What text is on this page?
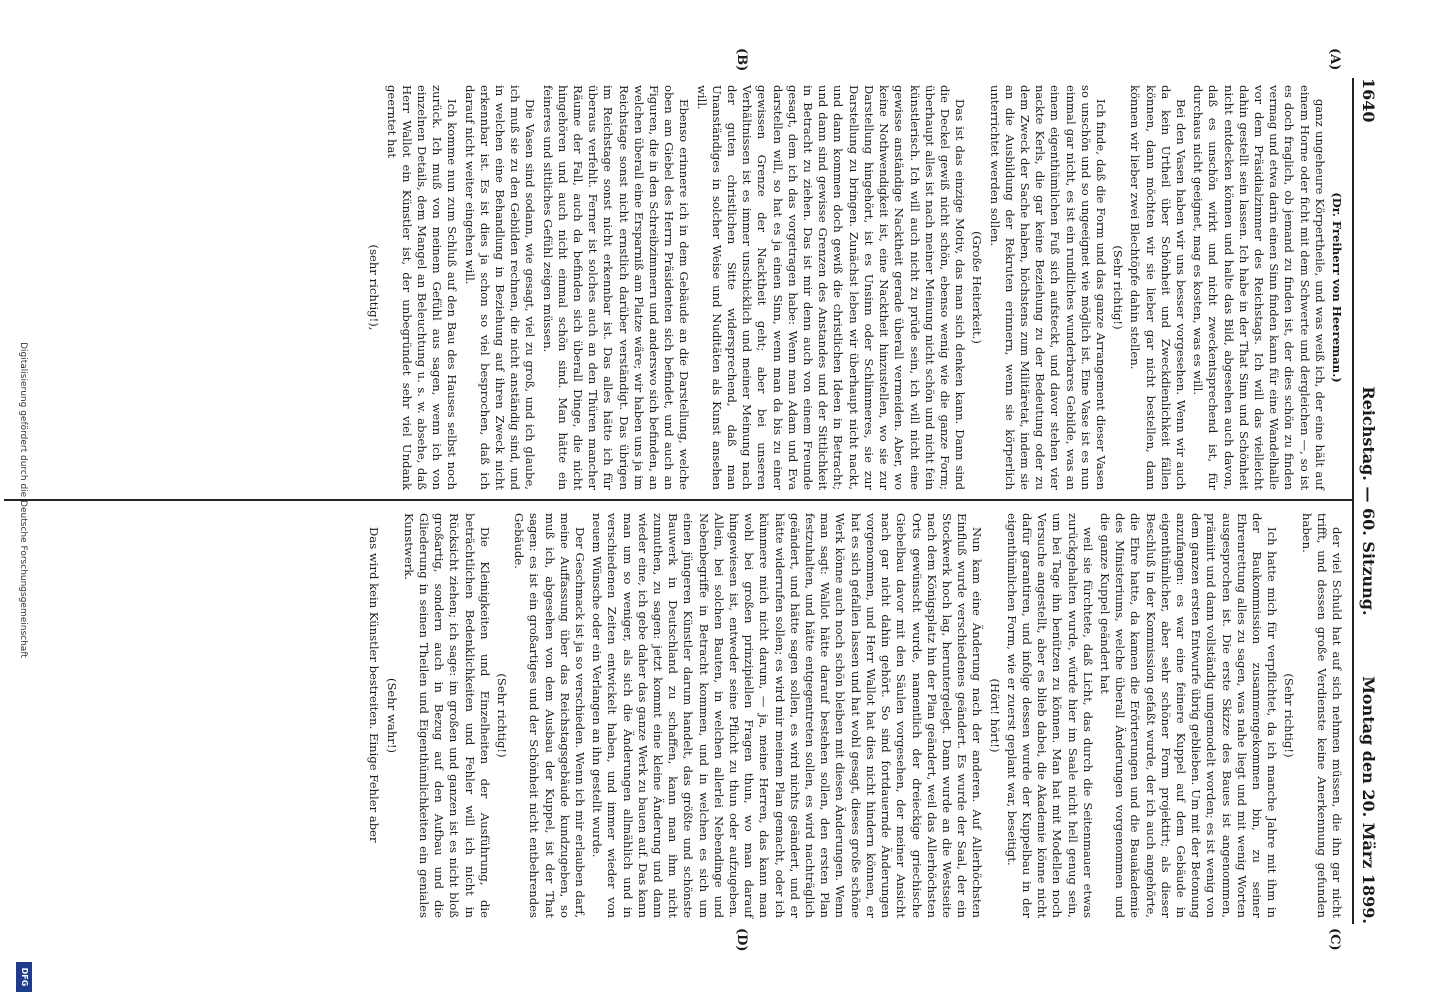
1640
Reichstag. — 60. Sitzung.
Montag den 20. März 1899.
(A)
(B)
(C)
(D)

(Dr. Freiherr von Heereman.)

ganz ungeheure Körpertheile, und was weiß ich, der eine hält auf einem Horne oder ficht mit dem Schwerte und dergleichen —, so ist es doch fraglich, ob jemand zu finden ist, der dies schön zu finden vermag und etwa darin einen Sinn finden kann für eine Wandelhalle vor dem Präsidialzimmer des Reichstags. Ich will das vielleicht dahin gestellt sein lassen. Ich habe in der That Sinn und Schönheit nicht entdecken können und halte das Bild, abgesehen auch davon, daß es unschön wirkt und nicht zweckentsprechend ist, für durchaus nicht geeignet, mag es kosten, was es will.

Bei den Vasen haben wir uns besser vorgesehen. Wenn wir auch da kein Urtheil über Schönheit und Zweckdienlichkeit fällen können, dann möchten wir sie lieber gar nicht bestellen, dann können wir lieber zwei Blechtöpfe dahin stellen.

(Sehr richtig!)

Ich finde, daß die Form und das ganze Arrangement dieser Vasen so unschön und so ungeeignet wie möglich ist. Eine Vase ist es nun einmal gar nicht, es ist ein rundliches wunderbares Gebilde, was an einem eigenthümlichen Fuß sich aufsteckt, und davor stehen vier nackte Kerls, die gar keine Beziehung zu der Bedeutung oder zu dem Zweck der Sache haben, höchstens zum Militäretat, indem sie an die Ausbildung der Rekruten erinnern, wenn sie körperlich unterrichtet werden sollen.

(Große Heiterkeit.)

Das ist das einzige Motiv, das man sich denken kann. Dann sind die Deckel gewiß nicht schön, ebenso wenig wie die ganze Form; überhaupt alles ist nach meiner Meinung nicht schön und nicht fein künstlerisch. Ich will auch nicht zu prüde sein, ich will nicht eine gewisse anständige Nacktheit gerade überall vermeiden. Aber, wo keine Nothwendigkeit ist, eine Nacktheit hinzustellen, wo sie zur Darstellung hingehört, ist es Unsinn oder Schlimmeres, sie zur Darstellung zu bringen. Zunächst leben wir überhaupt nicht nackt, und dann kommen doch gewiß die christlichen Ideen in Betracht; und dann sind gewisse Grenzen des Anstandes und der Sittlichkeit in Betracht zu ziehen. Das ist mir denn auch von einem Freunde gesagt, dem ich das vorgetragen habe: Wenn man Adam und Eva darstellen will, so hat es ja einen Sinn, wenn man da bis zu einer gewissen Grenze der Nacktheit geht; aber bei unseren Verhältnissen ist es immer unschicklich und meiner Meinung nach der guten christlichen Sitte widersprechend, daß man Unanständiges in solcher Weise und Nuditäten als Kunst ansehen will.

Ebenso erinnere ich in dem Gebäude an die Darstellung, welche oben am Giebel des Herrn Präsidenten sich befindet, und auch an Figuren, die in den Schreibzimmern und anderswo sich befinden, an welchen überall eine Ersparniß am Platze wäre; wir haben uns ja im Reichstage sonst nicht ernstlich darüber verständigt. Das übrigen im Reichstage sonst nicht erkennbar ist. Das alles hätte ich für überaus verfehlt. Ferner ist solches auch an den Thüren mancher Räume der Fall, auch da befinden sich überall Dinge, die nicht hingehören und auch nicht einmal schön sind. Man hätte ein feineres und sittliches Gefühl zeigen müssen.

Die Vasen sind sodann, wie gesagt, viel zu groß, und ich glaube, ich muß sie zu den Gebilden rechnen, die nicht anständig sind, und in welchen eine Behandlung in Beziehung auf ihren Zweck nicht erkennbar ist. Es ist dies ja schon so viel besprochen, daß ich darauf nicht weiter eingehen will.

Ich komme nun zum Schluß auf den Bau des Hauses selbst noch zurück. Ich muß von meinem Gefühl aus sagen, wenn ich von einzelnen Details, dem Mangel an Beleuchtung u. s. w. absehe, daß Herr Wallot ein Künstler ist, der unbegründet sehr viel Undank geerntet hat

(sehr richtig!),

der viel Schuld hat auf sich nehmen müssen, die ihn gar nicht trifft, und dessen große Verdienste keine Anerkennung gefunden haben.

(Sehr richtig!)

Ich hatte mich für verpflichtet, da ich manche Jahre mit ihm in der Baukommission zusammengekommen bin, zu seiner Ehrenrettung alles zu sagen, was nahe liegt und mit wenig Worten ausgesprochen ist. Die erste Skizze des Baues ist angenommen, prämiirt und dann vollständig umgemodelt worden; es ist wenig von dem ganzen ersten Entwurfe übrig geblieben. Um mit der Betonung anzufangen: es war eine feinere Kuppel auf dem Gebäude in eigenthümlicher, aber sehr schöner Form projektirt; als dieser Beschluß in der Kommission gefaßt wurde, der ich auch angehörte, die Ehre hatte, da kamen die Erörterungen und die Bauakademie des Ministeriums, welche überall Änderungen vorgenommen und die ganze Kuppel geändert hat

weil sie fürchtete, daß Licht, das durch die Seitenmauer etwas zurückgehalten wurde, würde hier im Saale nicht hell genug sein, um bei Tage ihn benützen zu können. Man hat mit Modellen noch Versuche angestellt, aber es blieb dabei, die Akademie könne nicht dafür garantiren, und infolge dessen wurde der Kuppelbau in der eigenthümlichen Form, wie er zuerst geplant war, beseitigt.

(Hört! hört!)

Nun kam eine Änderung nach der anderen. Auf Allerhöchsten Einfluß wurde verschiedenes geändert. Es wurde der Saal, der ein Stockwerk hoch lag, heruntergelegt. Dann wurde an die Westseite nach dem Königsplatz hin der Plan geändert, weil das Allerhöchsten Orts gewünscht wurde, namentlich der dreieckige griechische Giebelbau davor mit den Säulen vorgesehen, der meiner Ansicht nach gar nicht dahin gehört. So sind fortdauernde Änderungen vorgenommen, und Herr Wallot hat dies nicht hindern können, er hat es sich gefallen lassen und hat wohl gesagt, dieses große schöne Werk könne auch noch schön bleiben mit diesen Änderungen. Wenn man sagt: Wallot hätte darauf bestehen sollen, den ersten Plan festzuhalten, und hätte entgegentreten sollen, es wird nachträglich geändert, und hätte sagen sollen, es wird nichts geändert, und er hätte widerrufen sollen; es wird mir meinem Plan gemacht, oder ich kümmere mich nicht darum, — ja, meine Herren, das kann man wohl bei großen prinzipiellen Fragen thun, wo man darauf hingewiesen ist, entweder seine Pflicht zu thun oder aufzugeben. Allein, bei solchen Bauten, in welchen allerlei Nebendinge und Nebenbegriffe in Betracht kommen, und in welchen es sich um einen jüngeren Künstler darum handelt, das größte und schönste Bauwerk in Deutschland zu schaffen, kann man ihm nicht zumuthen, zu sagen: jetzt kommt eine kleine Änderung und dann wieder eine, ich gebe daher das ganze Werk zu bauen auf. Das kann man um so weniger, als sich die Änderungen allmählich und in verschiedenen Zeiten entwickelt haben, und immer wieder von neuem Wünsche oder ein Verlangen an ihn gestellt wurde.

Der Geschmack ist ja so verschieden. Wenn ich mir erlauben darf, meine Auffassung über das Reichstagsgebäude kundzugeben, so muß ich, abgesehen von dem Ausbau der Kuppel, ist der That sagen: es ist ein großartiges und der Schönheit nicht entbehrendes Gebäude.

(Sehr richtig!)

Die Kleinigkeiten und Einzelheiten der Ausführung, die beträchtlichen Bedenklichkeiten und Fehler will ich nicht in Rücksicht ziehen; ich sage: im großen und ganzen ist es nicht bloß großartig, sondern auch in Bezug auf den Aufbau und die Gliederung in seinen Theilen und Eigenthümlichkeiten ein geniales Kunstwerk.

(Sehr wahr!)

Das wird kein Künstler bestreiten. Einige Fehler aber

Digitalisierung gefördert durch die Deutsche Forschungsgemeinschaft
DFG
